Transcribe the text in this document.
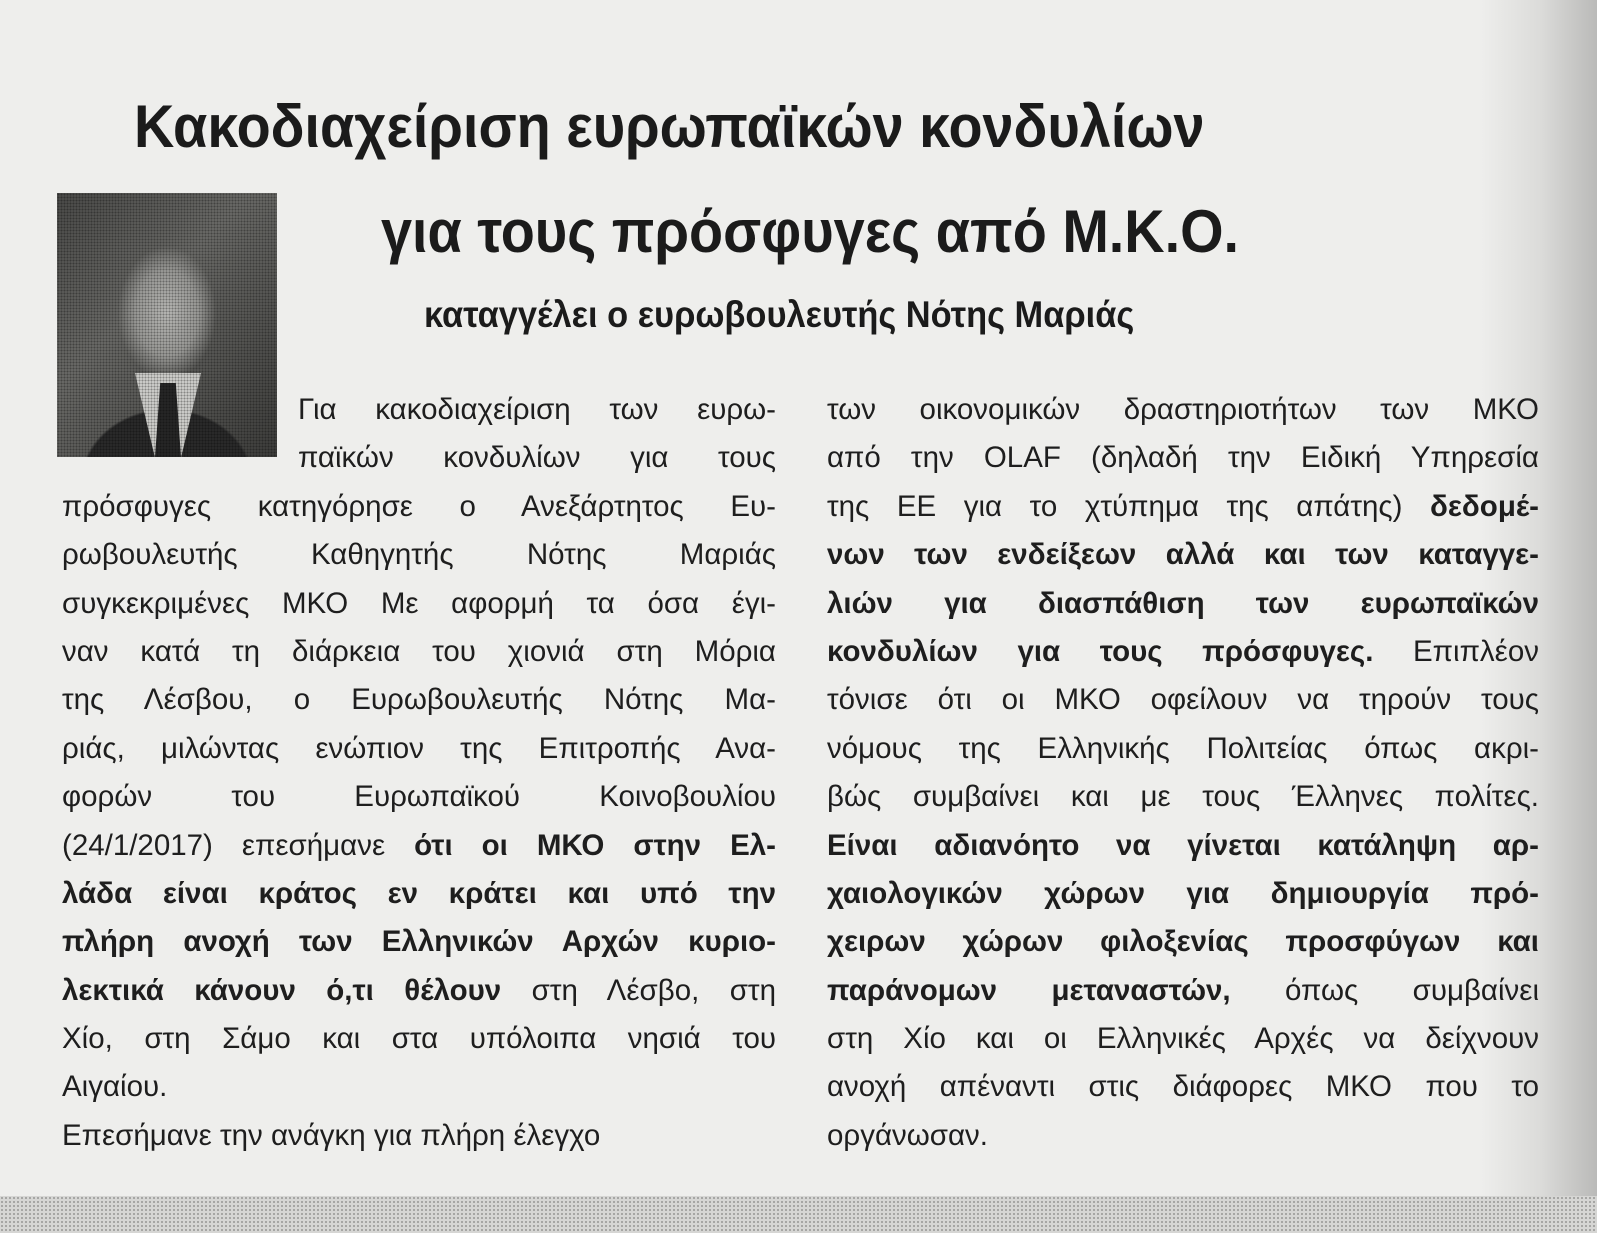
Κακοδιαχείριση ευρωπαϊκών κονδυλίων
για τους πρόσφυγες από Μ.Κ.Ο.
καταγγέλει ο ευρωβουλευτής Νότης Μαριάς
Για κακοδιαχείριση των ευρω-
παϊκών κονδυλίων για τους
πρόσφυγες κατηγόρησε ο Ανεξάρτητος Ευ-
ρωβουλευτής Καθηγητής Νότης Μαριάς
συγκεκριμένες ΜΚΟ Με αφορμή τα όσα έγι-
ναν κατά τη διάρκεια του χιονιά στη Μόρια
της Λέσβου, ο Ευρωβουλευτής Νότης Μα-
ριάς, μιλώντας ενώπιον της Επιτροπής Ανα-
φορών του Ευρωπαϊκού Κοινοβουλίου
(24/1/2017) επεσήμανε ότι οι ΜΚΟ στην Ελ-
λάδα είναι κράτος εν κράτει και υπό την
πλήρη ανοχή των Ελληνικών Αρχών κυριο-
λεκτικά κάνουν ό,τι θέλουν στη Λέσβο, στη
Χίο, στη Σάμο και στα υπόλοιπα νησιά του
Αιγαίου.
Επεσήμανε την ανάγκη για πλήρη έλεγχο
των οικονομικών δραστηριοτήτων των ΜΚΟ
από την OLAF (δηλαδή την Ειδική Υπηρεσία
της ΕΕ για το χτύπημα της απάτης) δεδομέ-
νων των ενδείξεων αλλά και των καταγγε-
λιών για διασπάθιση των ευρωπαϊκών
κονδυλίων για τους πρόσφυγες. Επιπλέον
τόνισε ότι οι ΜΚΟ οφείλουν να τηρούν τους
νόμους της Ελληνικής Πολιτείας όπως ακρι-
βώς συμβαίνει και με τους Έλληνες πολίτες.
Είναι αδιανόητο να γίνεται κατάληψη αρ-
χαιολογικών χώρων για δημιουργία πρό-
χειρων χώρων φιλοξενίας προσφύγων και
παράνομων μεταναστών, όπως συμβαίνει
στη Χίο και οι Ελληνικές Αρχές να δείχνουν
ανοχή απέναντι στις διάφορες ΜΚΟ που το
οργάνωσαν.
